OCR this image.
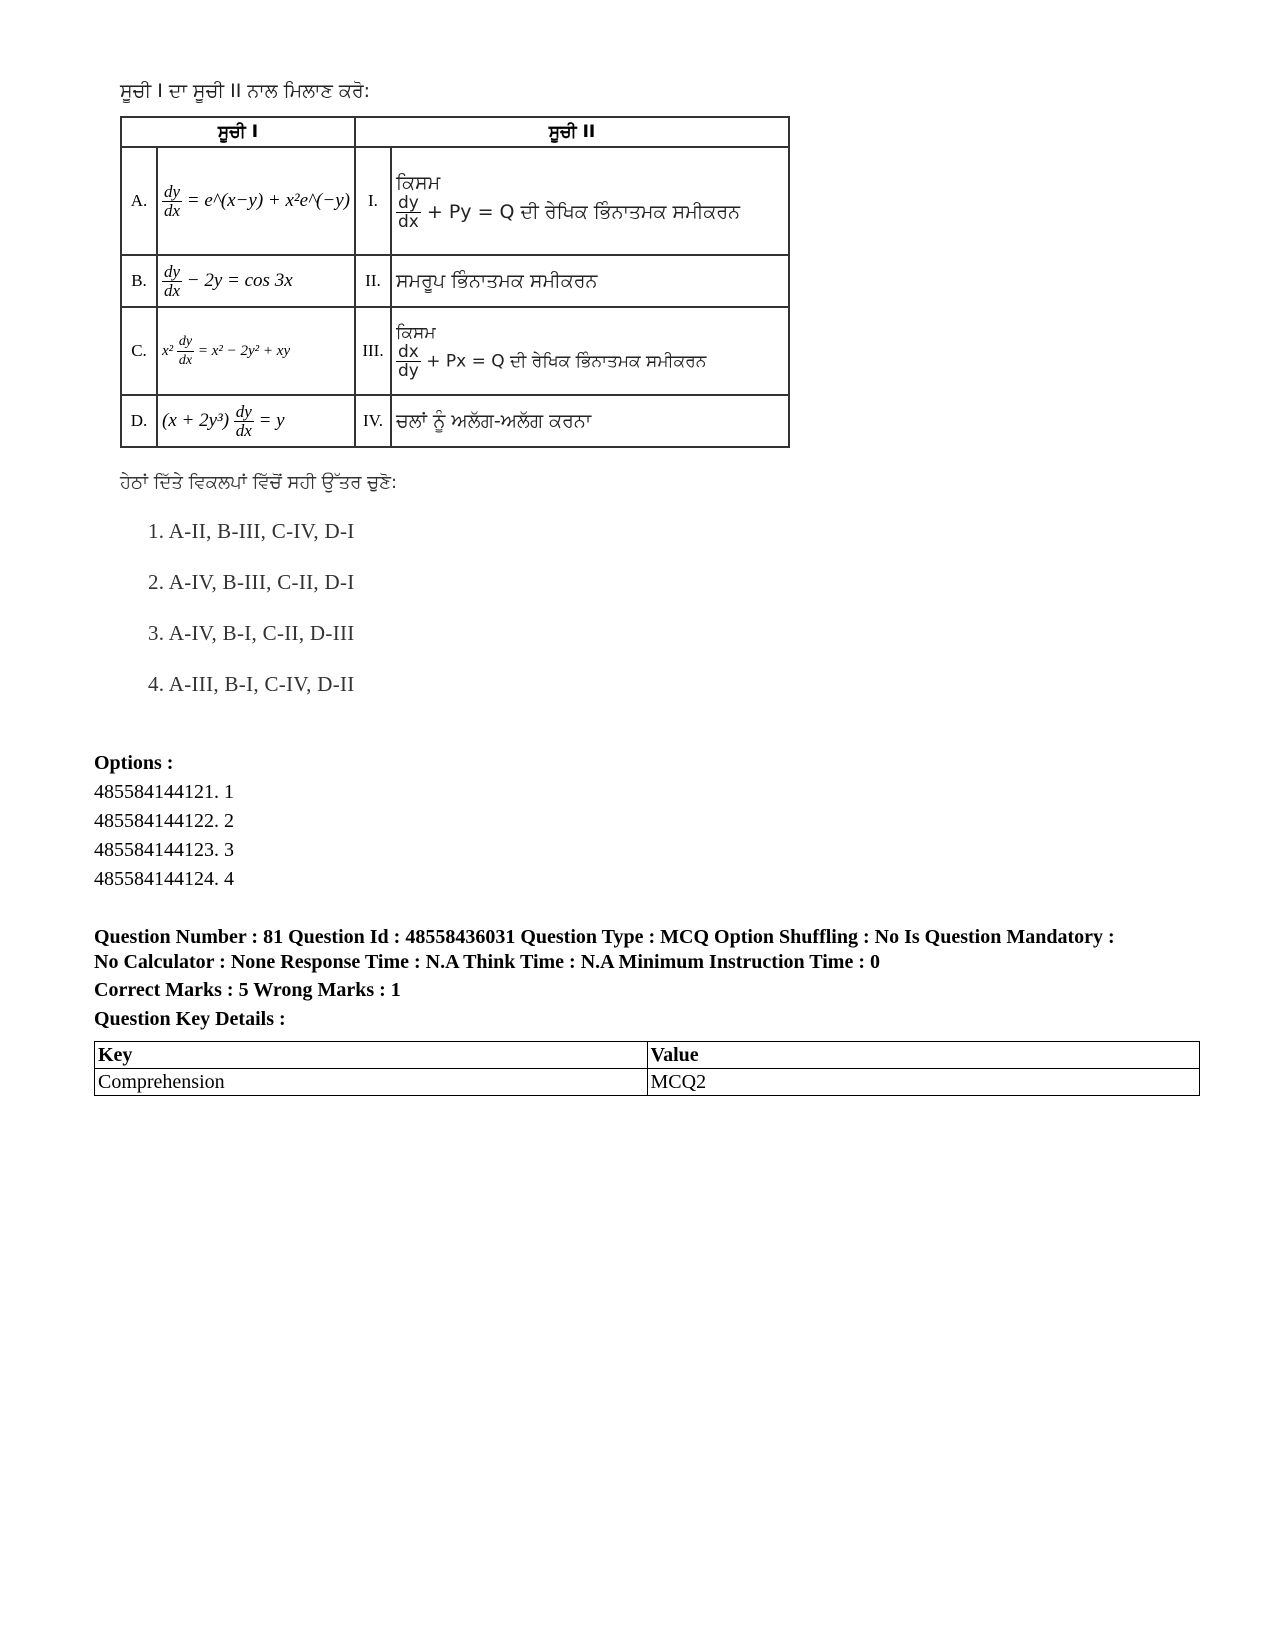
ਸੂਚੀ I ਦਾ ਸੂਚੀ II ਨਾਲ ਮਿਲਾਣ ਕਰੋ:
ਸੂਚੀ I		ਸੂਚੀ II	
A.	$\frac{dy}{dx}$ = e^(x−y) + x²e^(−y)	I.	ਕਿਸਮ
$\frac{dy}{dx} + Py = Q$ ਦੀ ਰੇਖਿਕ ਭਿੰਨਾਤਮਕ ਸਮੀਕਰਨ
B.	$\frac{dy}{dx} - 2y = \cos 3x$	II.	ਸਮਰੂਪ ਭਿੰਨਾਤਮਕ ਸਮੀਕਰਨ
C.	$x^2 \frac{dy}{dx} = x^2 - 2y^2$ + xy	III.	ਕਿਸਮ
$\frac{dx}{dy} + Px = Q$ ਦੀ ਰੇਖਿਕ ਭਿੰਨਾਤਮਕ ਸਮੀਕਰਨ
D.	$(x + 2y^3) \frac{dy}{dx} = y$	IV.	ਚਲਾਂ ਨੂੰ ਅਲੱਗ-ਅਲੱਗ ਕਰਨਾ
ਹੇਠਾਂ ਦਿੱਤੇ ਵਿਕਲਪਾਂ ਵਿੱਚੋਂ ਸਹੀ ਉੱਤਰ ਚੁਣੋ:
1. A-II, B-III, C-IV, D-I
2. A-IV, B-III, C-II, D-I
3. A-IV, B-I, C-II, D-III
4. A-III, B-I, C-IV, D-II
Options :
485584144121. 1
485584144122. 2
485584144123. 3
485584144124. 4
Question Number : 81 Question Id : 48558436031 Question Type : MCQ Option Shuffling : No Is Question Mandatory :
No Calculator : None Response Time : N.A Think Time : N.A Minimum Instruction Time : 0
Correct Marks : 5 Wrong Marks : 1
Question Key Details :
Key	Value
Comprehension	MCQ2
